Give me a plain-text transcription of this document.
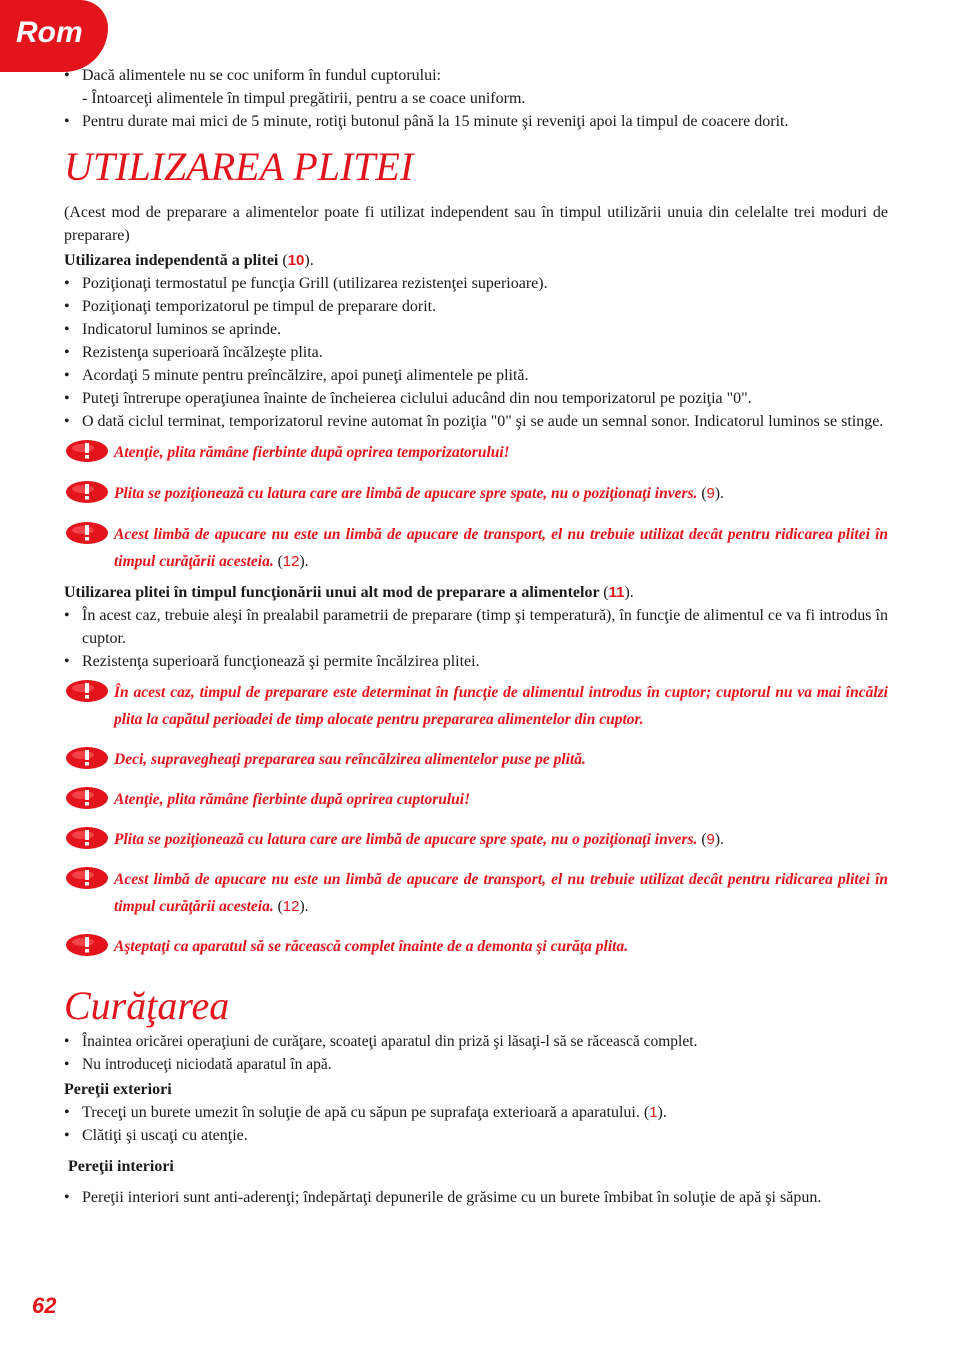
Rom

• Dacă alimentele nu se coc uniform în fundul cuptorului:

- Întoarceţi alimentele în timpul pregătirii, pentru a se coace uniform.

• Pentru durate mai mici de 5 minute, rotiţi butonul până la 15 minute şi reveniţi apoi la timpul de coacere dorit.

UTILIZAREA PLITEI

(Acest mod de preparare a alimentelor poate fi utilizat independent sau în timpul utilizării unuia din celelalte trei moduri de preparare)

Utilizarea independentă a plitei (10).

• Poziţionaţi termostatul pe funcţia Grill (utilizarea rezistenţei superioare).

• Poziţionaţi temporizatorul pe timpul de preparare dorit.

• Indicatorul luminos se aprinde.

• Rezistenţa superioară încălzeşte plita.

• Acordaţi 5 minute pentru preîncălzire, apoi puneţi alimentele pe plită.

• Puteţi întrerupe operaţiunea înainte de încheierea ciclului aducând din nou temporizatorul pe poziţia "0".

• O dată ciclul terminat, temporizatorul revine automat în poziţia "0" şi se aude un semnal sonor. Indicatorul luminos se stinge.

Atenţie, plita rămâne fierbinte după oprirea temporizatorului!
Plita se poziţionează cu latura care are limbă de apucare spre spate, nu o poziţionaţi invers. (9).
Acest limbă de apucare nu este un limbă de apucare de transport, el nu trebuie utilizat decât pentru ridicarea plitei în timpul curăţării acesteia. (12).

Utilizarea plitei în timpul funcţionării unui alt mod de preparare a alimentelor (11).

• În acest caz, trebuie aleşi în prealabil parametrii de preparare (timp şi temperatură), în funcţie de alimentul ce va fi introdus în cuptor.

• Rezistenţa superioară funcţionează şi permite încălzirea plitei.

În acest caz, timpul de preparare este determinat în funcţie de alimentul introdus în cuptor; cuptorul nu va mai încălzi plita la capătul perioadei de timp alocate pentru prepararea alimentelor din cuptor.
Deci, supravegheaţi prepararea sau reîncălzirea alimentelor puse pe plită.
Atenţie, plita rămâne fierbinte după oprirea cuptorului!
Plita se poziţionează cu latura care are limbă de apucare spre spate, nu o poziţionaţi invers. (9).
Acest limbă de apucare nu este un limbă de apucare de transport, el nu trebuie utilizat decât pentru ridicarea plitei în timpul curăţării acesteia. (12).
Aşteptaţi ca aparatul să se răcească complet înainte de a demonta şi curăţa plita.
Curăţarea

• Înaintea oricărei operaţiuni de curăţare, scoateţi aparatul din priză şi lăsaţi-l să se răcească complet.

• Nu introduceţi niciodată aparatul în apă.

Pereţii exteriori

• Treceţi un burete umezit în soluţie de apă cu săpun pe suprafaţa exterioară a aparatului. (1).

• Clătiţi şi uscaţi cu atenţie.

Pereţii interiori

• Pereţii interiori sunt anti-aderenţi; îndepărtaţi depunerile de grăsime cu un burete îmbibat în soluţie de apă şi săpun.

62
